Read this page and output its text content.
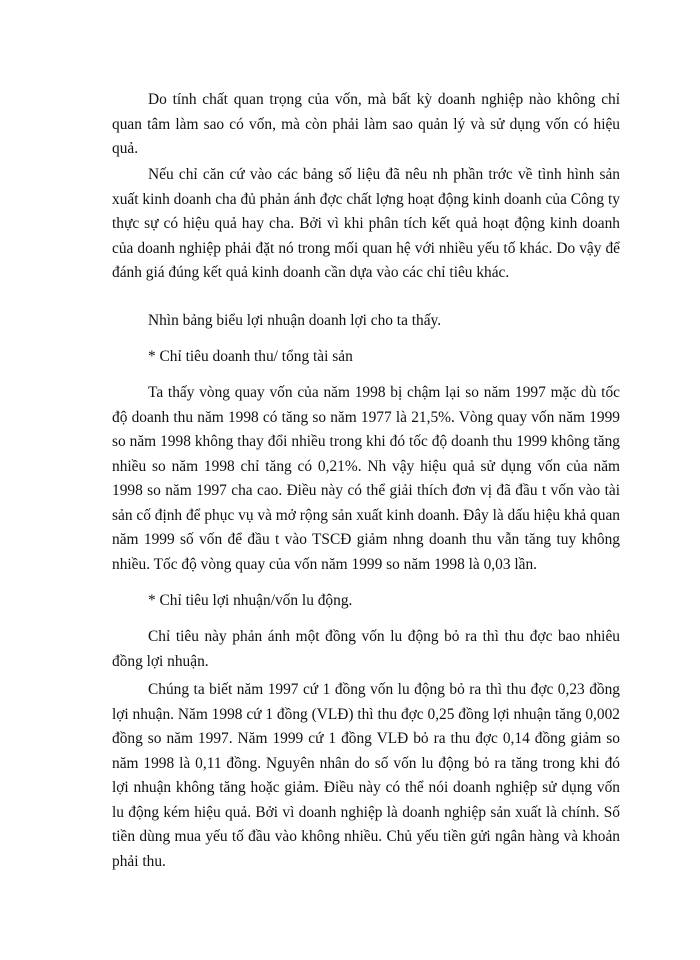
Do tính chất quan trọng của vốn, mà bất kỳ doanh nghiệp nào không chỉ quan tâm làm sao có vốn, mà còn phải làm sao quản lý và sử dụng vốn có hiệu quả.

Nếu chỉ căn cứ vào các bảng số liệu đã nêu nh phần trớc về tình hình sản xuất kinh doanh cha đủ phản ánh đợc chất lợng hoạt động kinh doanh của Công ty thực sự có hiệu quả hay cha. Bởi vì khi phân tích kết quả hoạt động kinh doanh của doanh nghiệp phải đặt nó trong mối quan hệ với nhiều yếu tố khác. Do vậy để đánh giá đúng kết quả kinh doanh cần dựa vào các chỉ tiêu khác.

Nhìn bảng biểu lợi nhuận doanh lợi cho ta thấy.

* Chỉ tiêu doanh thu/ tổng tài sản

Ta thấy vòng quay vốn của năm 1998 bị chậm lại so năm 1997 mặc dù tốc độ doanh thu năm 1998 có tăng so năm 1977 là 21,5%. Vòng quay vốn năm 1999 so năm 1998 không thay đổi nhiều trong khi đó tốc độ doanh thu 1999 không tăng nhiều so năm 1998 chỉ tăng có 0,21%. Nh vậy hiệu quả sử dụng vốn của năm 1998 so năm 1997 cha cao. Điều này có thể giải thích đơn vị đã đầu t vốn vào tài sản cố định để phục vụ và mở rộng sản xuất kinh doanh. Đây là dấu hiệu khả quan năm 1999 số vốn để đầu t vào TSCĐ giảm nhng doanh thu vẫn tăng tuy không nhiều. Tốc độ vòng quay của vốn năm 1999 so năm 1998 là 0,03 lần.

* Chỉ tiêu lợi nhuận/vốn lu động.

Chỉ tiêu này phản ánh một đồng vốn lu động bỏ ra thì thu đợc bao nhiêu đồng lợi nhuận.

Chúng ta biết năm 1997 cứ 1 đồng vốn lu động bỏ ra thì thu đợc 0,23 đồng lợi nhuận. Năm 1998 cứ 1 đồng (VLĐ) thì thu đợc 0,25 đồng lợi nhuận tăng 0,002 đồng so năm 1997. Năm 1999 cứ 1 đồng VLĐ bỏ ra thu đợc 0,14 đồng giảm so năm 1998 là 0,11 đồng. Nguyên nhân do số vốn lu động bỏ ra tăng trong khi đó lợi nhuận không tăng hoặc giảm. Điều này có thể nói doanh nghiệp sử dụng vốn lu động kém hiệu quả. Bởi vì doanh nghiệp là doanh nghiệp sản xuất là chính. Số tiền dùng mua yếu tố đầu vào không nhiều. Chủ yếu tiền gửi ngân hàng và khoản phải thu.
